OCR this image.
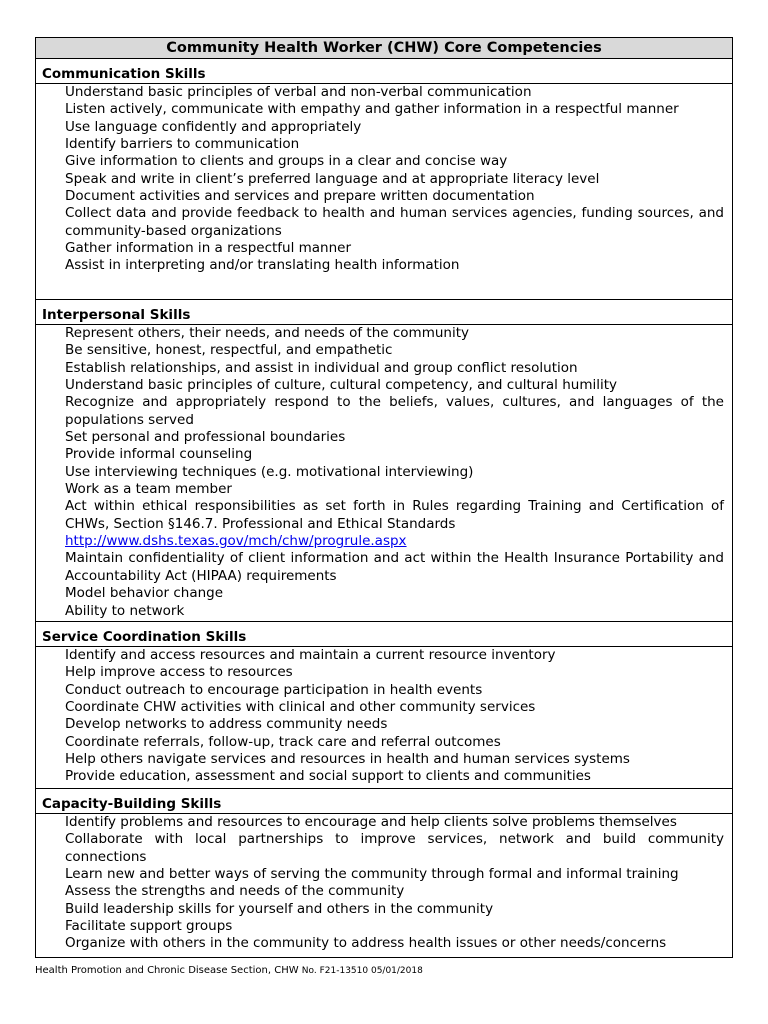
Community Health Worker (CHW) Core Competencies
Communication Skills
Understand basic principles of verbal and non-verbal communication
Listen actively, communicate with empathy and gather information in a respectful manner
Use language confidently and appropriately
Identify barriers to communication
Give information to clients and groups in a clear and concise way
Speak and write in client’s preferred language and at appropriate literacy level
Document activities and services and prepare written documentation
Collect data and provide feedback to health and human services agencies, funding sources, and community-based organizations
Gather information in a respectful manner
Assist in interpreting and/or translating health information
Interpersonal Skills
Represent others, their needs, and needs of the community
Be sensitive, honest, respectful, and empathetic
Establish relationships, and assist in individual and group conflict resolution
Understand basic principles of culture, cultural competency, and cultural humility
Recognize and appropriately respond to the beliefs, values, cultures, and languages of the populations served
Set personal and professional boundaries
Provide informal counseling
Use interviewing techniques (e.g. motivational interviewing)
Work as a team member
Act within ethical responsibilities as set forth in Rules regarding Training and Certification of CHWs, Section §146.7. Professional and Ethical Standards
http://www.dshs.texas.gov/mch/chw/progrule.aspx
Maintain confidentiality of client information and act within the Health Insurance Portability and Accountability Act (HIPAA) requirements
Model behavior change
Ability to network
Service Coordination Skills
Identify and access resources and maintain a current resource inventory
Help improve access to resources
Conduct outreach to encourage participation in health events
Coordinate CHW activities with clinical and other community services
Develop networks to address community needs
Coordinate referrals, follow-up, track care and referral outcomes
Help others navigate services and resources in health and human services systems
Provide education, assessment and social support to clients and communities
Capacity-Building Skills
Identify problems and resources to encourage and help clients solve problems themselves
Collaborate with local partnerships to improve services, network and build community connections
Learn new and better ways of serving the community through formal and informal training
Assess the strengths and needs of the community
Build leadership skills for yourself and others in the community
Facilitate support groups
Organize with others in the community to address health issues or other needs/concerns
Health Promotion and Chronic Disease Section, CHW No. F21-13510 05/01/2018
